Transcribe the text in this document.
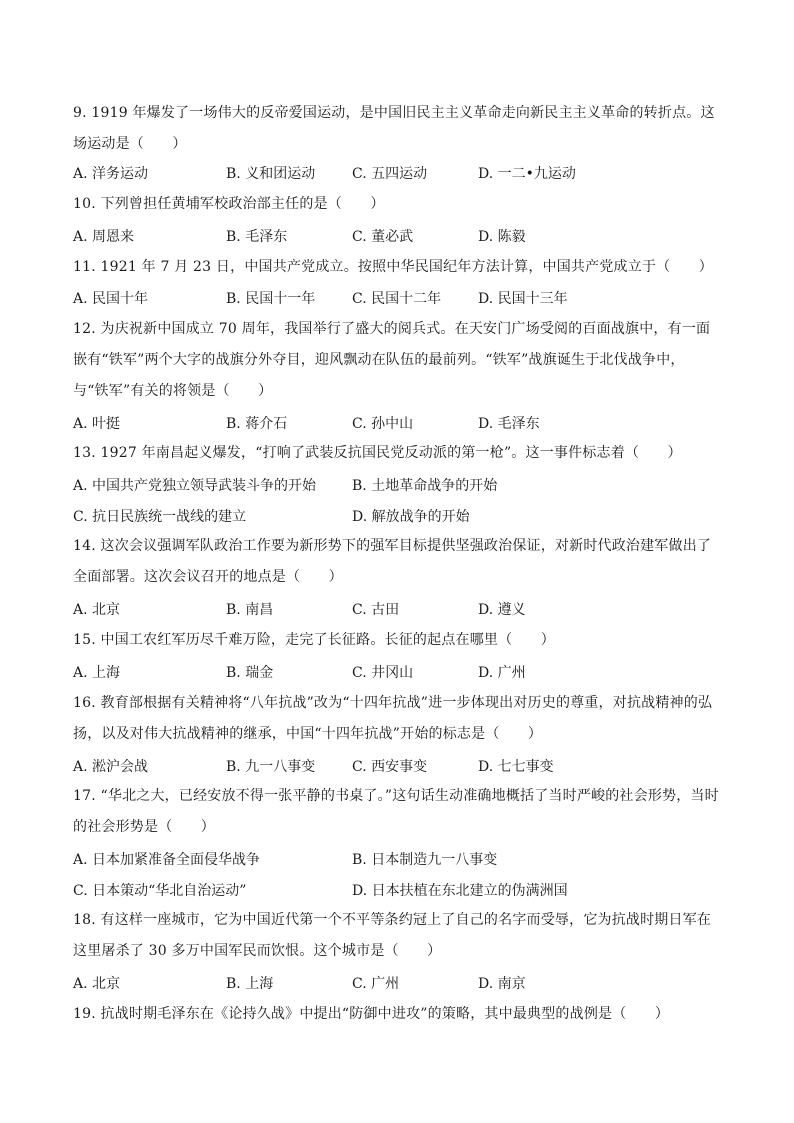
9. 1919 年爆发了一场伟大的反帝爱国运动，是中国旧民主主义革命走向新民主主义革命的转折点。这场运动是（　　）
A. 洋务运动	B. 义和团运动	C. 五四运动	D. 一二•九运动
10. 下列曾担任黄埔军校政治部主任的是（　　）
A. 周恩来	B. 毛泽东	C. 董必武	D. 陈毅
11. 1921 年 7 月 23 日，中国共产党成立。按照中华民国纪年方法计算，中国共产党成立于（　　）
A. 民国十年	B. 民国十一年	C. 民国十二年	D. 民国十三年
12. 为庆祝新中国成立 70 周年，我国举行了盛大的阅兵式。在天安门广场受阅的百面战旗中，有一面嵌有“铁军”两个大字的战旗分外夺目，迎风飘动在队伍的最前列。“铁军”战旗诞生于北伐战争中，与“铁军”有关的将领是（　　）
A. 叶挺	B. 蒋介石	C. 孙中山	D. 毛泽东
13. 1927 年南昌起义爆发，“打响了武装反抗国民党反动派的第一枪”。这一事件标志着（　　）
A. 中国共产党独立领导武装斗争的开始	B. 土地革命战争的开始
C. 抗日民族统一战线的建立	D. 解放战争的开始
14. 这次会议强调军队政治工作要为新形势下的强军目标提供坚强政治保证，对新时代政治建军做出了全面部署。这次会议召开的地点是（　　）
A. 北京	B. 南昌	C. 古田	D. 遵义
15. 中国工农红军历尽千难万险，走完了长征路。长征的起点在哪里（　　）
A. 上海	B. 瑞金	C. 井冈山	D. 广州
16. 教育部根据有关精神将“八年抗战”改为“十四年抗战”进一步体现出对历史的尊重，对抗战精神的弘扬，以及对伟大抗战精神的继承，中国“十四年抗战”开始的标志是（　　）
A. 淞沪会战	B. 九一八事变	C. 西安事变	D. 七七事变
17. “华北之大，已经安放不得一张平静的书桌了。”这句话生动准确地概括了当时严峻的社会形势，当时的社会形势是（　　）
A. 日本加紧准备全面侵华战争	B. 日本制造九一八事变
C. 日本策动“华北自治运动”	D. 日本扶植在东北建立的伪满洲国
18. 有这样一座城市，它为中国近代第一个不平等条约冠上了自己的名字而受辱，它为抗战时期日军在这里屠杀了 30 多万中国军民而饮恨。这个城市是（　　）
A. 北京	B. 上海	C. 广州	D. 南京
19. 抗战时期毛泽东在《论持久战》中提出“防御中进攻”的策略，其中最典型的战例是（　　）
